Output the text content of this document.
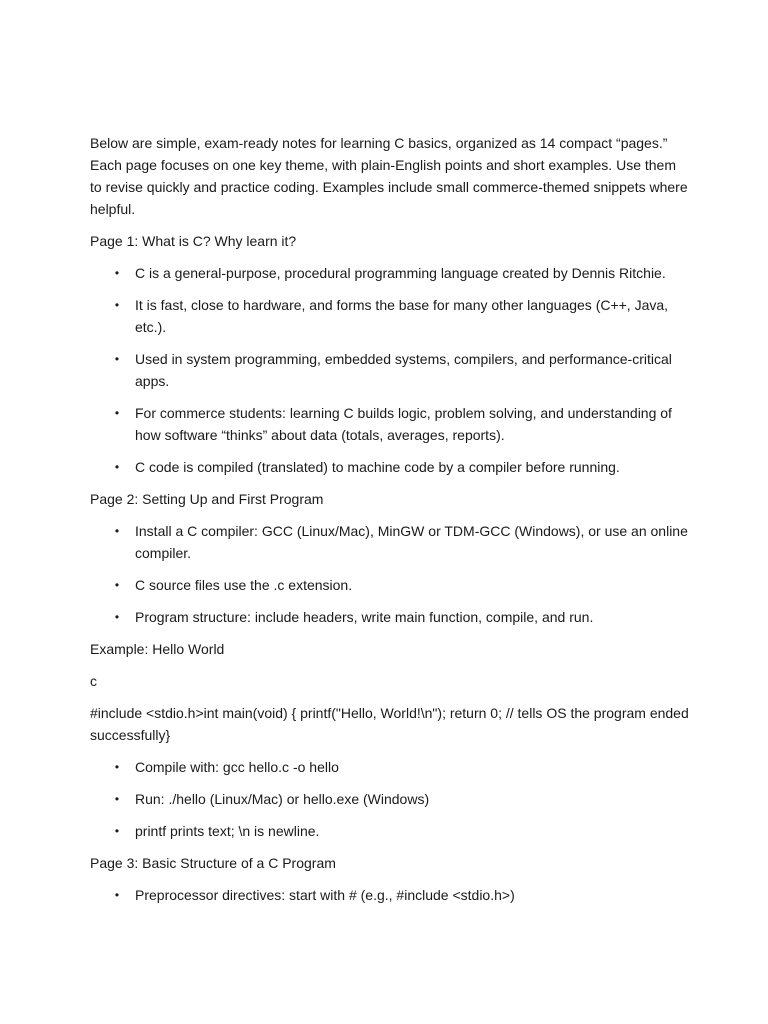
Below are simple, exam-ready notes for learning C basics, organized as 14 compact “pages.” Each page focuses on one key theme, with plain-English points and short examples. Use them to revise quickly and practice coding. Examples include small commerce-themed snippets where helpful.

Page 1: What is C? Why learn it?

• C is a general-purpose, procedural programming language created by Dennis Ritchie.
• It is fast, close to hardware, and forms the base for many other languages (C++, Java, etc.).
• Used in system programming, embedded systems, compilers, and performance-critical apps.
• For commerce students: learning C builds logic, problem solving, and understanding of how software “thinks” about data (totals, averages, reports).
• C code is compiled (translated) to machine code by a compiler before running.

Page 2: Setting Up and First Program

• Install a C compiler: GCC (Linux/Mac), MinGW or TDM-GCC (Windows), or use an online compiler.
• C source files use the .c extension.
• Program structure: include headers, write main function, compile, and run.

Example: Hello World

c

#include <stdio.h>int main(void) { printf("Hello, World!\n"); return 0; // tells OS the program ended successfully}

• Compile with: gcc hello.c -o hello
• Run: ./hello (Linux/Mac) or hello.exe (Windows)
• printf prints text; \n is newline.

Page 3: Basic Structure of a C Program

• Preprocessor directives: start with # (e.g., #include <stdio.h>)
